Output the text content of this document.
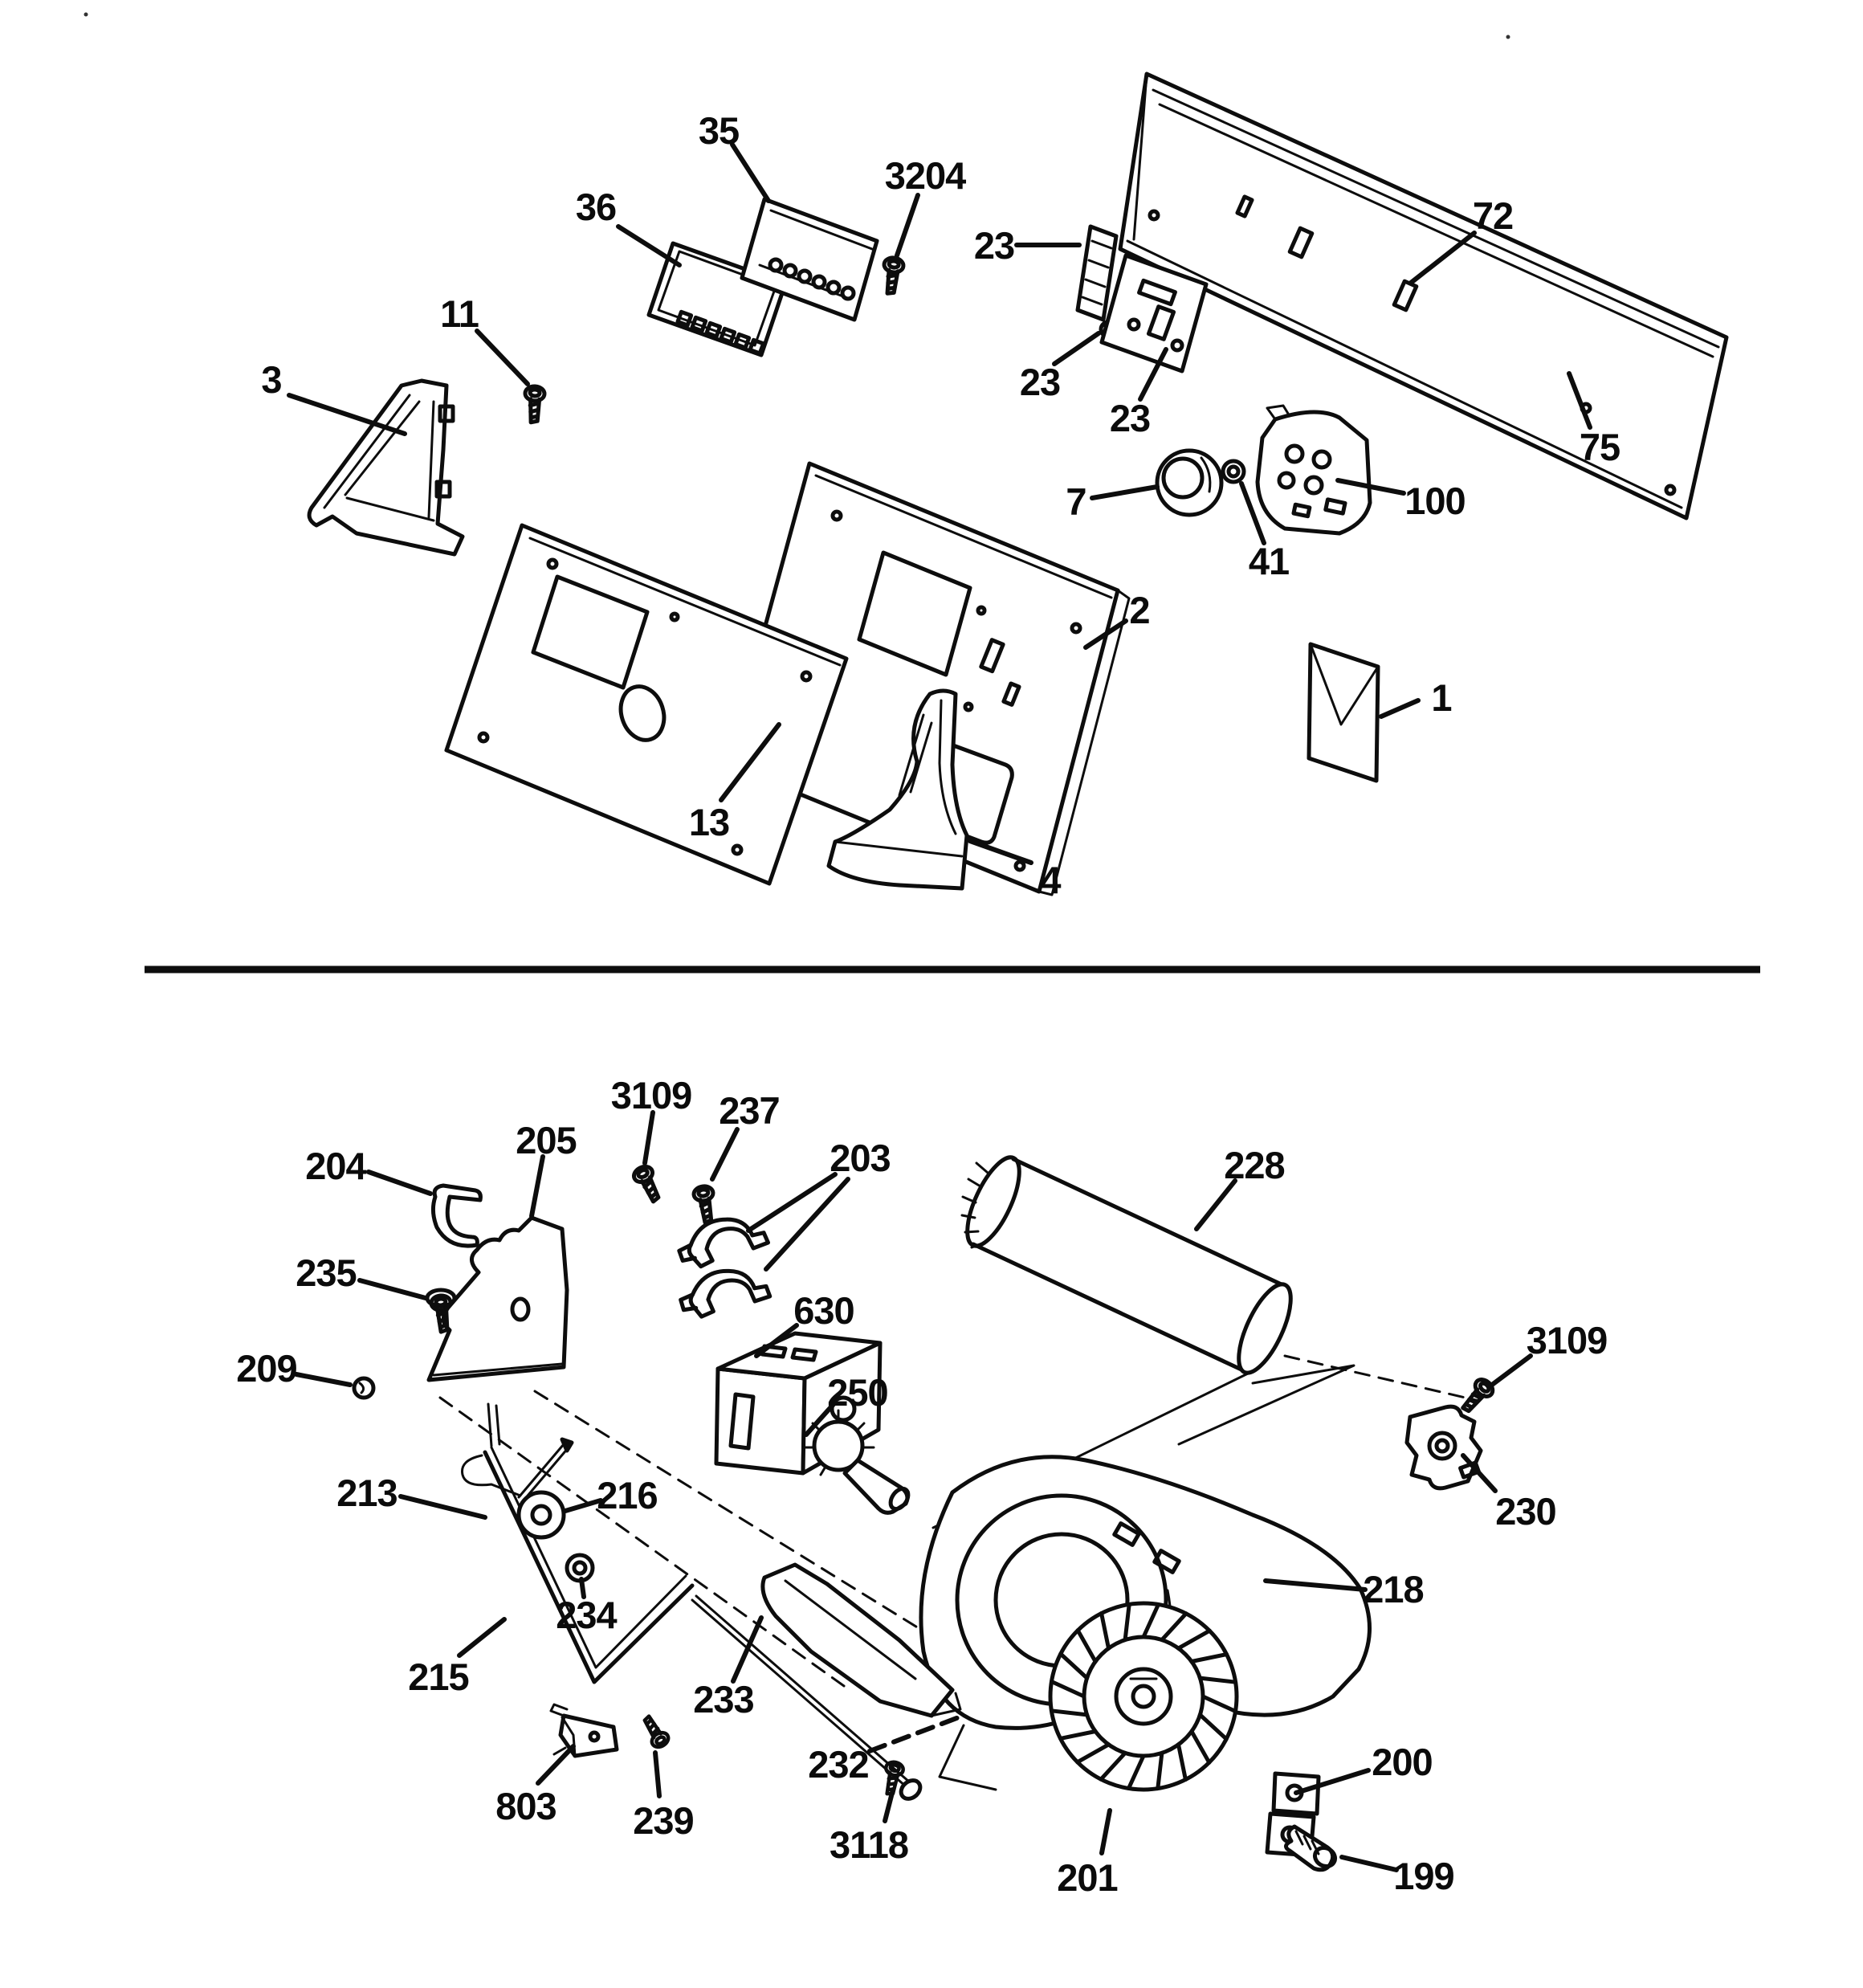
35
3204
36
11
3
23
72
23
23
75
7
41
100
2
1
13
4
3109 237
203
204
205
228
235
630
209
250
3109
230
213	216
234
218
215
233
232
803 239
3118
201
200
199
